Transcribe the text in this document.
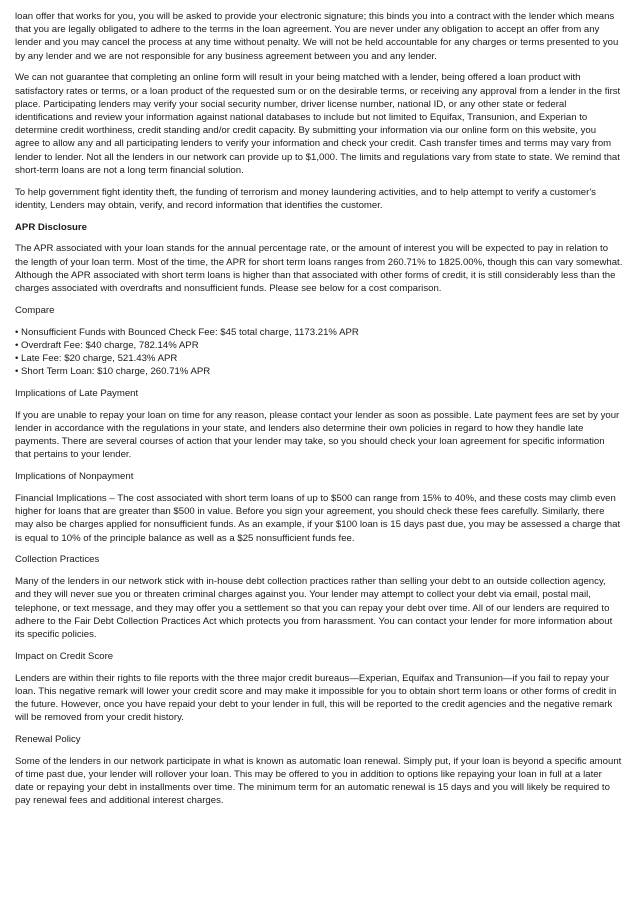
loan offer that works for you, you will be asked to provide your electronic signature; this binds you into a contract with the lender which means that you are legally obligated to adhere to the terms in the loan agreement. You are never under any obligation to accept an offer from any lender and you may cancel the process at any time without penalty. We will not be held accountable for any charges or terms presented to you by any lender and we are not responsible for any business agreement between you and any lender.

We can not guarantee that completing an online form will result in your being matched with a lender, being offered a loan product with satisfactory rates or terms, or a loan product of the requested sum or on the desirable terms, or receiving any approval from a lender in the first place. Participating lenders may verify your social security number, driver license number, national ID, or any other state or federal identifications and review your information against national databases to include but not limited to Equifax, Transunion, and Experian to determine credit worthiness, credit standing and/or credit capacity. By submitting your information via our online form on this website, you agree to allow any and all participating lenders to verify your information and check your credit. Cash transfer times and terms may vary from lender to lender. Not all the lenders in our network can provide up to $1,000. The limits and regulations vary from state to state. We remind that short-term loans are not a long term financial solution.

To help government fight identity theft, the funding of terrorism and money laundering activities, and to help attempt to verify a customer's identity, Lenders may obtain, verify, and record information that identifies the customer.

APR Disclosure

The APR associated with your loan stands for the annual percentage rate, or the amount of interest you will be expected to pay in relation to the length of your loan term. Most of the time, the APR for short term loans ranges from 260.71% to 1825.00%, though this can vary somewhat. Although the APR associated with short term loans is higher than that associated with other forms of credit, it is still considerably less than the charges associated with overdrafts and nonsufficient funds. Please see below for a cost comparison.

Compare
• Nonsufficient Funds with Bounced Check Fee: $45 total charge, 1173.21% APR
• Overdraft Fee: $40 charge, 782.14% APR
• Late Fee: $20 charge, 521.43% APR
• Short Term Loan: $10 charge, 260.71% APR
Implications of Late Payment

If you are unable to repay your loan on time for any reason, please contact your lender as soon as possible. Late payment fees are set by your lender in accordance with the regulations in your state, and lenders also determine their own policies in regard to how they handle late payments. There are several courses of action that your lender may take, so you should check your loan agreement for specific information that pertains to your lender.

Implications of Nonpayment

Financial Implications – The cost associated with short term loans of up to $500 can range from 15% to 40%, and these costs may climb even higher for loans that are greater than $500 in value. Before you sign your agreement, you should check these fees carefully. Similarly, there may also be charges applied for nonsufficient funds. As an example, if your $100 loan is 15 days past due, you may be assessed a charge that is equal to 10% of the principle balance as well as a $25 nonsufficient funds fee.

Collection Practices

Many of the lenders in our network stick with in-house debt collection practices rather than selling your debt to an outside collection agency, and they will never sue you or threaten criminal charges against you. Your lender may attempt to collect your debt via email, postal mail, telephone, or text message, and they may offer you a settlement so that you can repay your debt over time. All of our lenders are required to adhere to the Fair Debt Collection Practices Act which protects you from harassment. You can contact your lender for more information about its specific policies.

Impact on Credit Score

Lenders are within their rights to file reports with the three major credit bureaus—Experian, Equifax and Transunion—if you fail to repay your loan. This negative remark will lower your credit score and may make it impossible for you to obtain short term loans or other forms of credit in the future. However, once you have repaid your debt to your lender in full, this will be reported to the credit agencies and the negative remark will be removed from your credit history.

Renewal Policy

Some of the lenders in our network participate in what is known as automatic loan renewal. Simply put, if your loan is beyond a specific amount of time past due, your lender will rollover your loan. This may be offered to you in addition to options like repaying your loan in full at a later date or repaying your debt in installments over time. The minimum term for an automatic renewal is 15 days and you will likely be required to pay renewal fees and additional interest charges.
